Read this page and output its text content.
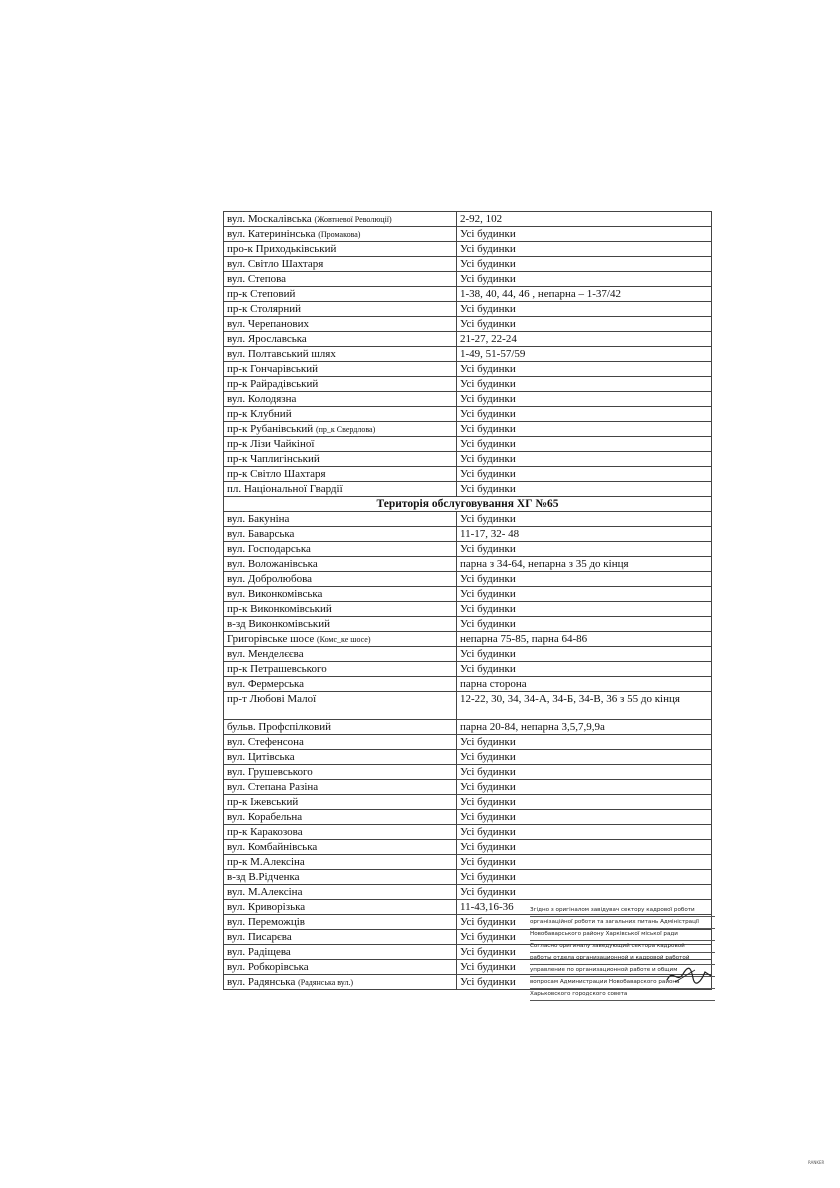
вул. Москалівська (Жовтневої Революції)	2-92, 102
вул. Катеринінська (Промакова)	Усі будинки
про-к Приходьківський	Усі будинки
вул. Світло Шахтаря	Усі будинки
вул. Степова	Усі будинки
пр-к Степовий	1-38, 40, 44, 46 , непарна – 1-37/42
пр-к Столярний	Усі будинки
вул. Черепанових	Усі будинки
вул. Ярославська	21-27, 22-24
вул. Полтавський шлях	1-49, 51-57/59
пр-к Гончарівський	Усі будинки
пр-к Райрадівський	Усі будинки
вул. Колодязна	Усі будинки
пр-к Клубний	Усі будинки
пр-к Рубанівський (пр_к Свердлова)	Усі будинки
пр-к Лізи Чайкіної	Усі будинки
пр-к Чаплигінський	Усі будинки
пр-к Світло Шахтаря	Усі будинки
пл. Національної Гвардії	Усі будинки
Територія обслуговування ХГ №65	
вул. Бакуніна	Усі будинки
вул. Баварська	11-17, 32- 48
вул. Господарська	Усі будинки
вул. Воложанівська	парна з 34-64, непарна з 35 до кінця
вул. Добролюбова	Усі будинки
вул. Виконкомівська	Усі будинки
пр-к Виконкомівський	Усі будинки
в-зд Виконкомівський	Усі будинки
Григорівське шосе (Комс_ке шосе)	непарна 75-85, парна 64-86
вул. Менделєєва	Усі будинки
пр-к Петрашевського	Усі будинки
вул. Фермерська	парна сторона
пр-т Любові Малої	12-22, 30, 34, 34-А, 34-Б, 34-В, 36 з 55 до кінця
бульв. Профспілковий	парна 20-84, непарна 3,5,7,9,9а
вул. Стефенсона	Усі будинки
вул. Цитівська	Усі будинки
вул. Грушевського	Усі будинки
вул. Степана Разіна	Усі будинки
пр-к Іжевський	Усі будинки
вул. Корабельна	Усі будинки
пр-к Каракозова	Усі будинки
вул. Комбайнівська	Усі будинки
пр-к М.Алексіна	Усі будинки
в-зд В.Рідченка	Усі будинки
вул. М.Алексіна	Усі будинки
вул. Криворізька	11-43,16-36
вул. Переможців	Усі будинки
вул. Писарєва	Усі будинки
вул. Радіщева	Усі будинки
вул. Робкорівська	Усі будинки
вул. Радянська (Радянська вул.)	Усі будинки
Згідно з оригіналом завідувач сектору кадрової роботи
організаційної роботи та загальних питань Адміністрації
Новобаварського району Харківської міської ради
Согласно оригиналу заведующий сектора кадровой
работы отдела организационной и кадровой работой
управление по организационной работе и общим
вопросам Администрации Новобаварского района
Харьковского городского совета
RANKER
